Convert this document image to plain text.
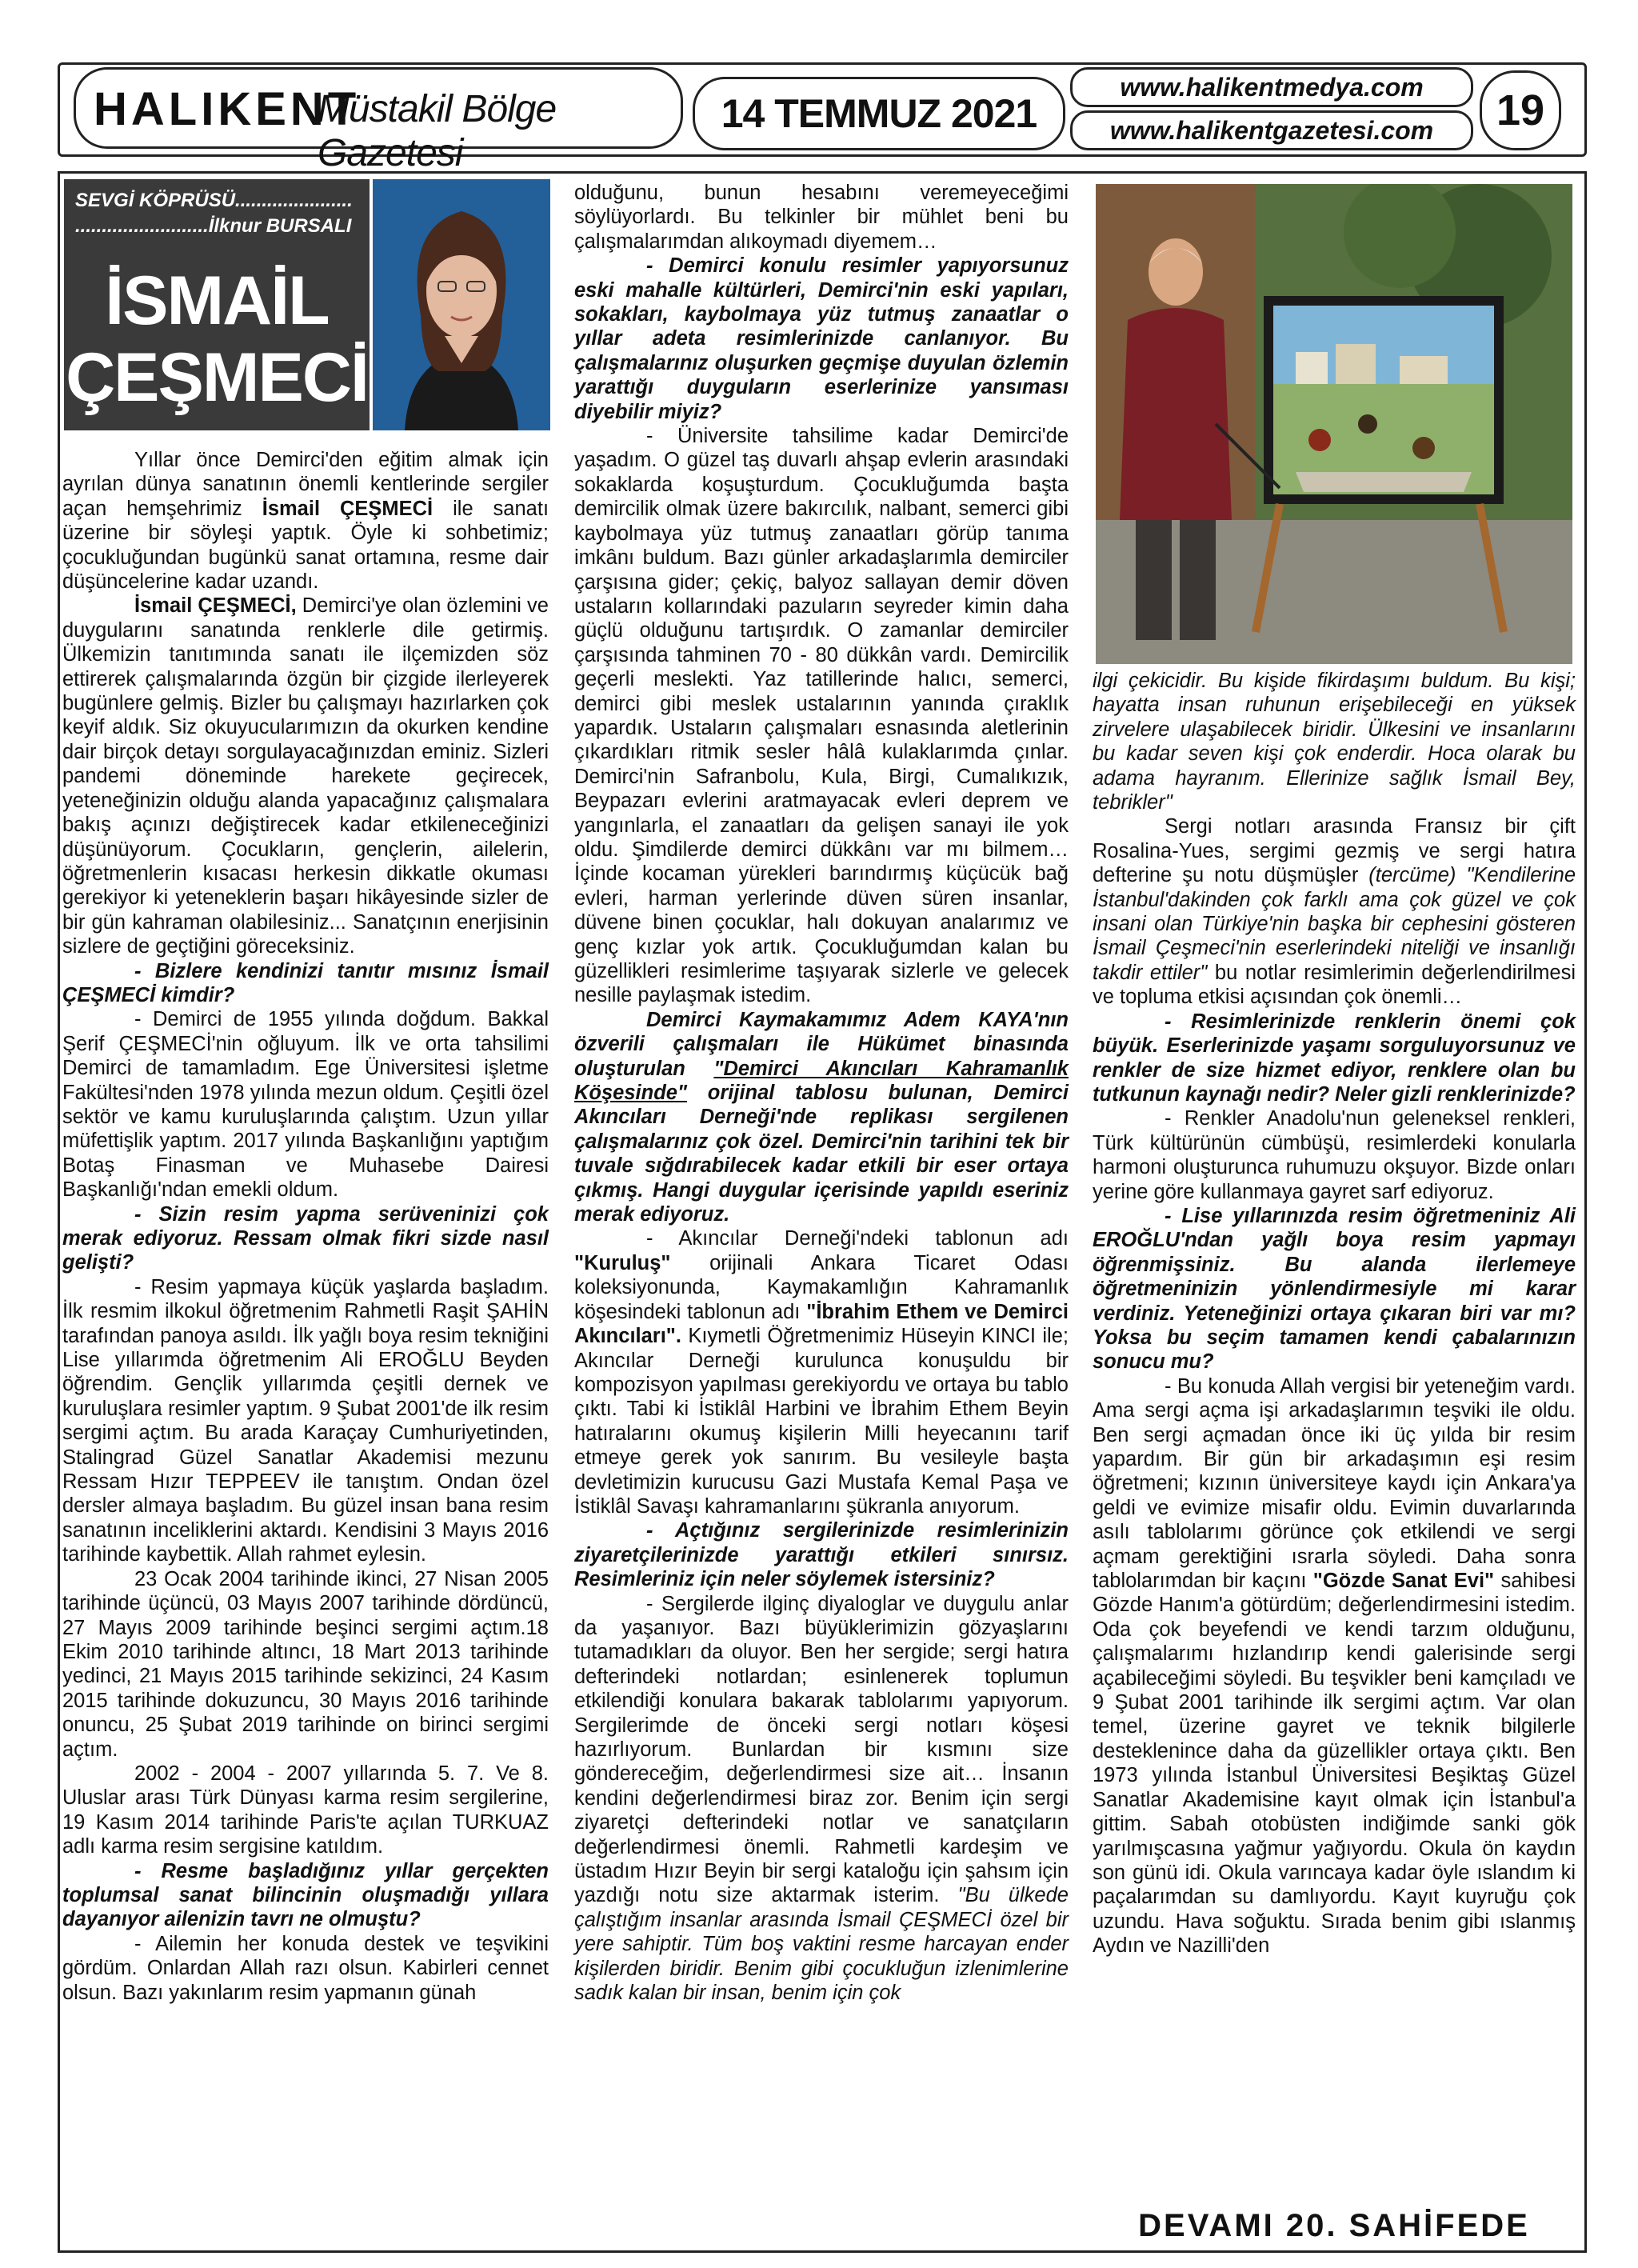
HALIKENT
Müstakil Bölge Gazetesi
14 TEMMUZ 2021
www.halikentmedya.com
www.halikentgazetesi.com	19
SEVGİ KÖPRÜSÜ......................
.........................İlknur BURSALI
İSMAİL
ÇEŞMECİ

Yıllar önce Demirci'den eğitim almak için ayrılan dünya sanatının önemli kentlerinde sergiler açan hemşehrimiz İsmail ÇEŞMECİ ile sanatı üzerine bir söyleşi yaptık. Öyle ki sohbetimiz; çocukluğundan bugünkü sanat ortamına, resme dair düşüncelerine kadar uzandı.

İsmail ÇEŞMECİ, Demirci'ye olan özlemini ve duygularını sanatında renklerle dile getirmiş. Ülkemizin tanıtımında sanatı ile ilçemizden söz ettirerek çalışmalarında özgün bir çizgide ilerleyerek bugünlere gelmiş. Bizler bu çalışmayı hazırlarken çok keyif aldık. Siz okuyucularımızın da okurken kendine dair birçok detayı sorgulayacağınızdan eminiz. Sizleri pandemi döneminde harekete geçirecek, yeteneğinizin olduğu alanda yapacağınız çalışmalara bakış açınızı değiştirecek kadar etkileneceğinizi düşünüyorum. Çocukların, gençlerin, ailelerin, öğretmenlerin kısacası herkesin dikkatle okuması gerekiyor ki yeteneklerin başarı hikâyesinde sizler de bir gün kahraman olabilesiniz... Sanatçının enerjisinin sizlere de geçtiğini göreceksiniz.

- Bizlere kendinizi tanıtır mısınız İsmail ÇEŞMECİ kimdir?

- Demirci de 1955 yılında doğdum. Bakkal Şerif ÇEŞMECİ'nin oğluyum. İlk ve orta tahsilimi Demirci de tamamladım. Ege Üniversitesi işletme Fakültesi'nden 1978 yılında mezun oldum. Çeşitli özel sektör ve kamu kuruluşlarında çalıştım. Uzun yıllar müfettişlik yaptım. 2017 yılında Başkanlığını yaptığım Botaş Finasman ve Muhasebe Dairesi Başkanlığı'ndan emekli oldum.

- Sizin resim yapma serüveninizi çok merak ediyoruz. Ressam olmak fikri sizde nasıl gelişti?

- Resim yapmaya küçük yaşlarda başladım. İlk resmim ilkokul öğretmenim Rahmetli Raşit ŞAHİN tarafından panoya asıldı. İlk yağlı boya resim tekniğini Lise yıllarımda öğretmenim Ali EROĞLU Beyden öğrendim. Gençlik yıllarımda çeşitli dernek ve kuruluşlara resimler yaptım. 9 Şubat 2001'de ilk resim sergimi açtım. Bu arada Karaçay Cumhuriyetinden, Stalingrad Güzel Sanatlar Akademisi mezunu Ressam Hızır TEPPEEV ile tanıştım. Ondan özel dersler almaya başladım. Bu güzel insan bana resim sanatının inceliklerini aktardı. Kendisini 3 Mayıs 2016 tarihinde kaybettik. Allah rahmet eylesin.

23 Ocak 2004 tarihinde ikinci, 27 Nisan 2005 tarihinde üçüncü, 03 Mayıs 2007 tarihinde dördüncü, 27 Mayıs 2009 tarihinde beşinci sergimi açtım.18 Ekim 2010 tarihinde altıncı, 18 Mart 2013 tarihinde yedinci, 21 Mayıs 2015 tarihinde sekizinci, 24 Kasım 2015 tarihinde dokuzuncu, 30 Mayıs 2016 tarihinde onuncu, 25 Şubat 2019 tarihinde on birinci sergimi açtım.

2002 - 2004 - 2007 yıllarında 5. 7. Ve 8. Uluslar arası Türk Dünyası karma resim sergilerine, 19 Kasım 2014 tarihinde Paris'te açılan TURKUAZ adlı karma resim sergisine katıldım.

- Resme başladığınız yıllar gerçekten toplumsal sanat bilincinin oluşmadığı yıllara dayanıyor ailenizin tavrı ne olmuştu?

- Ailemin her konuda destek ve teşvikini gördüm. Onlardan Allah razı olsun. Kabirleri cennet olsun. Bazı yakınlarım resim yapmanın günah

olduğunu, bunun hesabını veremeyeceğimi söylüyorlardı. Bu telkinler bir mühlet beni bu çalışmalarımdan alıkoymadı diyemem…

- Demirci konulu resimler yapıyorsunuz eski mahalle kültürleri, Demirci'nin eski yapıları, sokakları, kaybolmaya yüz tutmuş zanaatlar o yıllar adeta resimlerinizde canlanıyor. Bu çalışmalarınız oluşurken geçmişe duyulan özlemin yarattığı duyguların eserlerinize yansıması diyebilir miyiz?

- Üniversite tahsilime kadar Demirci'de yaşadım. O güzel taş duvarlı ahşap evlerin arasındaki sokaklarda koşuşturdum. Çocukluğumda başta demircilik olmak üzere bakırcılık, nalbant, semerci gibi kaybolmaya yüz tutmuş zanaatları görüp tanıma imkânı buldum. Bazı günler arkadaşlarımla demirciler çarşısına gider; çekiç, balyoz sallayan demir döven ustaların kollarındaki pazuların seyreder kimin daha güçlü olduğunu tartışırdık. O zamanlar demirciler çarşısında tahminen 70 - 80 dükkân vardı. Demircilik geçerli meslekti. Yaz tatillerinde halıcı, semerci, demirci gibi meslek ustalarının yanında çıraklık yapardık. Ustaların çalışmaları esnasında aletlerinin çıkardıkları ritmik sesler hâlâ kulaklarımda çınlar. Demirci'nin Safranbolu, Kula, Birgi, Cumalıkızık, Beypazarı evlerini aratmayacak evleri deprem ve yangınlarla, el zanaatları da gelişen sanayi ile yok oldu. Şimdilerde demirci dükkânı var mı bilmem… İçinde kocaman yürekleri barındırmış küçücük bağ evleri, harman yerlerinde düven süren insanlar, düvene binen çocuklar, halı dokuyan analarımız ve genç kızlar yok artık. Çocukluğumdan kalan bu güzellikleri resimlerime taşıyarak sizlerle ve gelecek nesille paylaşmak istedim.

Demirci Kaymakamımız Adem KAYA'nın özverili çalışmaları ile Hükümet binasında oluşturulan "Demirci Akıncıları Kahramanlık Köşesinde" orijinal tablosu bulunan, Demirci Akıncıları Derneği'nde replikası sergilenen çalışmalarınız çok özel. Demirci'nin tarihini tek bir tuvale sığdırabilecek kadar etkili bir eser ortaya çıkmış. Hangi duygular içerisinde yapıldı eseriniz merak ediyoruz.

- Akıncılar Derneği'ndeki tablonun adı "Kuruluş" orijinali Ankara Ticaret Odası koleksiyonunda, Kaymakamlığın Kahramanlık köşesindeki tablonun adı "İbrahim Ethem ve Demirci Akıncıları". Kıymetli Öğretmenimiz Hüseyin KINCI ile; Akıncılar Derneği kurulunca konuşuldu bir kompozisyon yapılması gerekiyordu ve ortaya bu tablo çıktı. Tabi ki İstiklâl Harbini ve İbrahim Ethem Beyin hatıralarını okumuş kişilerin Milli heyecanını tarif etmeye gerek yok sanırım. Bu vesileyle başta devletimizin kurucusu Gazi Mustafa Kemal Paşa ve İstiklâl Savaşı kahramanlarını şükranla anıyorum.

- Açtığınız sergilerinizde resimlerinizin ziyaretçilerinizde yarattığı etkileri sınırsız. Resimleriniz için neler söylemek istersiniz?

- Sergilerde ilginç diyaloglar ve duygulu anlar da yaşanıyor. Bazı büyüklerimizin gözyaşlarını tutamadıkları da oluyor. Ben her sergide; sergi hatıra defterindeki notlardan; esinlenerek toplumun etkilendiği konulara bakarak tablolarımı yapıyorum. Sergilerimde de önceki sergi notları köşesi hazırlıyorum. Bunlardan bir kısmını size göndereceğim, değerlendirmesi size ait… İnsanın kendini değerlendirmesi biraz zor. Benim için sergi ziyaretçi defterindeki notlar ve sanatçıların değerlendirmesi önemli. Rahmetli kardeşim ve üstadım Hızır Beyin bir sergi kataloğu için şahsım için yazdığı notu size aktarmak isterim. "Bu ülkede çalıştığım insanlar arasında İsmail ÇEŞMECİ özel bir yere sahiptir. Tüm boş vaktini resme harcayan ender kişilerden biridir. Benim gibi çocukluğun izlenimlerine sadık kalan bir insan, benim için çok

ilgi çekicidir. Bu kişide fikirdaşımı buldum. Bu kişi; hayatta insan ruhunun erişebileceği en yüksek zirvelere ulaşabilecek biridir. Ülkesini ve insanlarını bu kadar seven kişi çok enderdir. Hoca olarak bu adama hayranım. Ellerinize sağlık İsmail Bey, tebrikler"

Sergi notları arasında Fransız bir çift Rosalina-Yues, sergimi gezmiş ve sergi hatıra defterine şu notu düşmüşler (tercüme) "Kendilerine İstanbul'dakinden çok farklı ama çok güzel ve çok insani olan Türkiye'nin başka bir cephesini gösteren İsmail Çeşmeci'nin eserlerindeki niteliği ve insanlığı takdir ettiler" bu notlar resimlerimin değerlendirilmesi ve topluma etkisi açısından çok önemli…

- Resimlerinizde renklerin önemi çok büyük. Eserlerinizde yaşamı sorguluyorsunuz ve renkler de size hizmet ediyor, renklere olan bu tutkunun kaynağı nedir? Neler gizli renklerinizde?

- Renkler Anadolu'nun geleneksel renkleri, Türk kültürünün cümbüşü, resimlerdeki konularla harmoni oluşturunca ruhumuzu okşuyor. Bizde onları yerine göre kullanmaya gayret sarf ediyoruz.

- Lise yıllarınızda resim öğretmeniniz Ali EROĞLU'ndan yağlı boya resim yapmayı öğrenmişsiniz. Bu alanda ilerlemeye öğretmeninizin yönlendirmesiyle mi karar verdiniz. Yeteneğinizi ortaya çıkaran biri var mı? Yoksa bu seçim tamamen kendi çabalarınızın sonucu mu?

- Bu konuda Allah vergisi bir yeteneğim vardı. Ama sergi açma işi arkadaşlarımın teşviki ile oldu. Ben sergi açmadan önce iki üç yılda bir resim yapardım. Bir gün bir arkadaşımın eşi resim öğretmeni; kızının üniversiteye kaydı için Ankara'ya geldi ve evimize misafir oldu. Evimin duvarlarında asılı tablolarımı görünce çok etkilendi ve sergi açmam gerektiğini ısrarla söyledi. Daha sonra tablolarımdan bir kaçını "Gözde Sanat Evi" sahibesi Gözde Hanım'a götürdüm; değerlendirmesini istedim. Oda çok beyefendi ve kendi tarzım olduğunu, çalışmalarımı hızlandırıp kendi galerisinde sergi açabileceğimi söyledi. Bu teşvikler beni kamçıladı ve 9 Şubat 2001 tarihinde ilk sergimi açtım. Var olan temel, üzerine gayret ve teknik bilgilerle desteklenince daha da güzellikler ortaya çıktı. Ben 1973 yılında İstanbul Üniversitesi Beşiktaş Güzel Sanatlar Akademisine kayıt olmak için İstanbul'a gittim. Sabah otobüsten indiğimde sanki gök yarılmışcasına yağmur yağıyordu. Okula ön kaydın son günü idi. Okula varıncaya kadar öyle ıslandım ki paçalarımdan su damlıyordu. Kayıt kuyruğu çok uzundu. Hava soğuktu. Sırada benim gibi ıslanmış Aydın ve Nazilli'den

DEVAMI 20. SAHİFEDE
